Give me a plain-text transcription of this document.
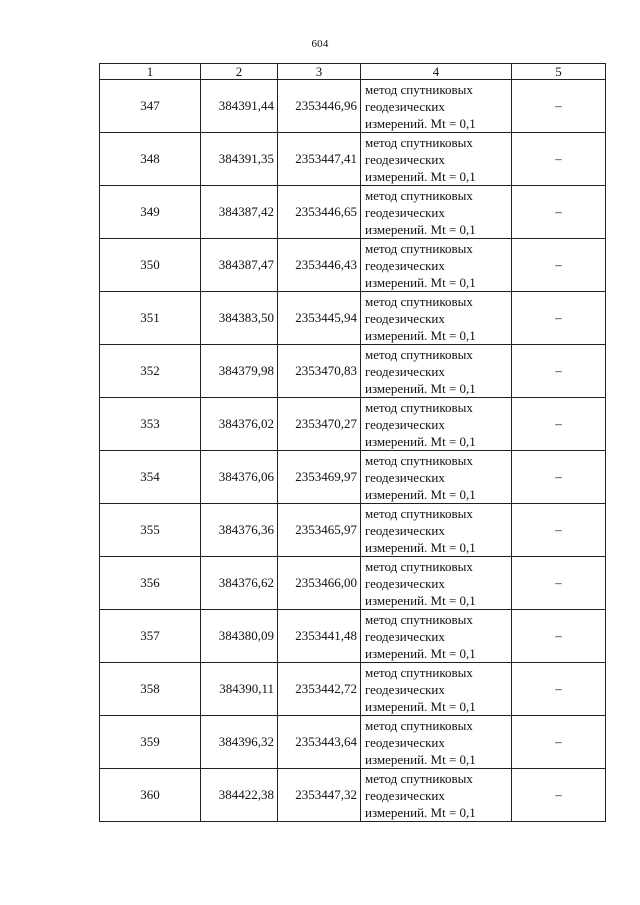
604
1	2	3	4	5
347	384391,44	2353446,96	метод спутниковых
геодезических
измерений. Mt = 0,1	–
348	384391,35	2353447,41	метод спутниковых
геодезических
измерений. Mt = 0,1	–
349	384387,42	2353446,65	метод спутниковых
геодезических
измерений. Mt = 0,1	–
350	384387,47	2353446,43	метод спутниковых
геодезических
измерений. Mt = 0,1	–
351	384383,50	2353445,94	метод спутниковых
геодезических
измерений. Mt = 0,1	–
352	384379,98	2353470,83	метод спутниковых
геодезических
измерений. Mt = 0,1	–
353	384376,02	2353470,27	метод спутниковых
геодезических
измерений. Mt = 0,1	–
354	384376,06	2353469,97	метод спутниковых
геодезических
измерений. Mt = 0,1	–
355	384376,36	2353465,97	метод спутниковых
геодезических
измерений. Mt = 0,1	–
356	384376,62	2353466,00	метод спутниковых
геодезических
измерений. Mt = 0,1	–
357	384380,09	2353441,48	метод спутниковых
геодезических
измерений. Mt = 0,1	–
358	384390,11	2353442,72	метод спутниковых
геодезических
измерений. Mt = 0,1	–
359	384396,32	2353443,64	метод спутниковых
геодезических
измерений. Mt = 0,1	–
360	384422,38	2353447,32	метод спутниковых
геодезических
измерений. Mt = 0,1	–
